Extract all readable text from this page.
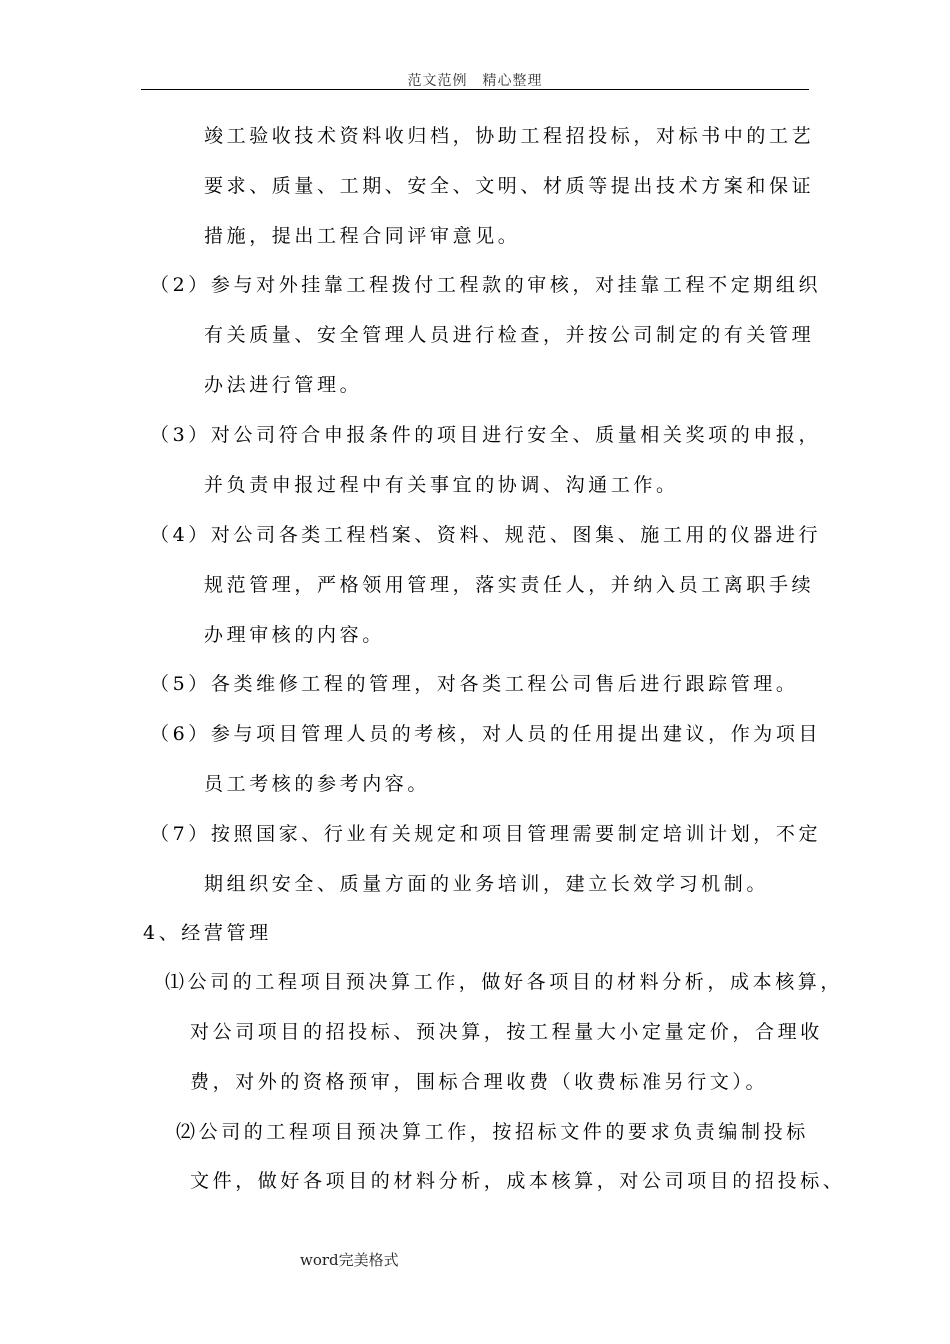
范文范例　精心整理
竣工验收技术资料收归档，协助工程招投标，对标书中的工艺
要求、质量、工期、安全、文明、材质等提出技术方案和保证
措施，提出工程合同评审意见。
（2）参与对外挂靠工程拨付工程款的审核，对挂靠工程不定期组织
有关质量、安全管理人员进行检查，并按公司制定的有关管理
办法进行管理。
（3）对公司符合申报条件的项目进行安全、质量相关奖项的申报，
并负责申报过程中有关事宜的协调、沟通工作。
（4）对公司各类工程档案、资料、规范、图集、施工用的仪器进行
规范管理，严格领用管理，落实责任人，并纳入员工离职手续
办理审核的内容。
（5）各类维修工程的管理，对各类工程公司售后进行跟踪管理。
（6）参与项目管理人员的考核，对人员的任用提出建议，作为项目
员工考核的参考内容。
（7）按照国家、行业有关规定和项目管理需要制定培训计划，不定
期组织安全、质量方面的业务培训，建立长效学习机制。
4、经营管理
⑴公司的工程项目预决算工作，做好各项目的材料分析，成本核算，
对公司项目的招投标、预决算，按工程量大小定量定价，合理收
费，对外的资格预审，围标合理收费（收费标准另行文）。
⑵公司的工程项目预决算工作，按招标文件的要求负责编制投标
文件，做好各项目的材料分析，成本核算，对公司项目的招投标、
word完美格式
